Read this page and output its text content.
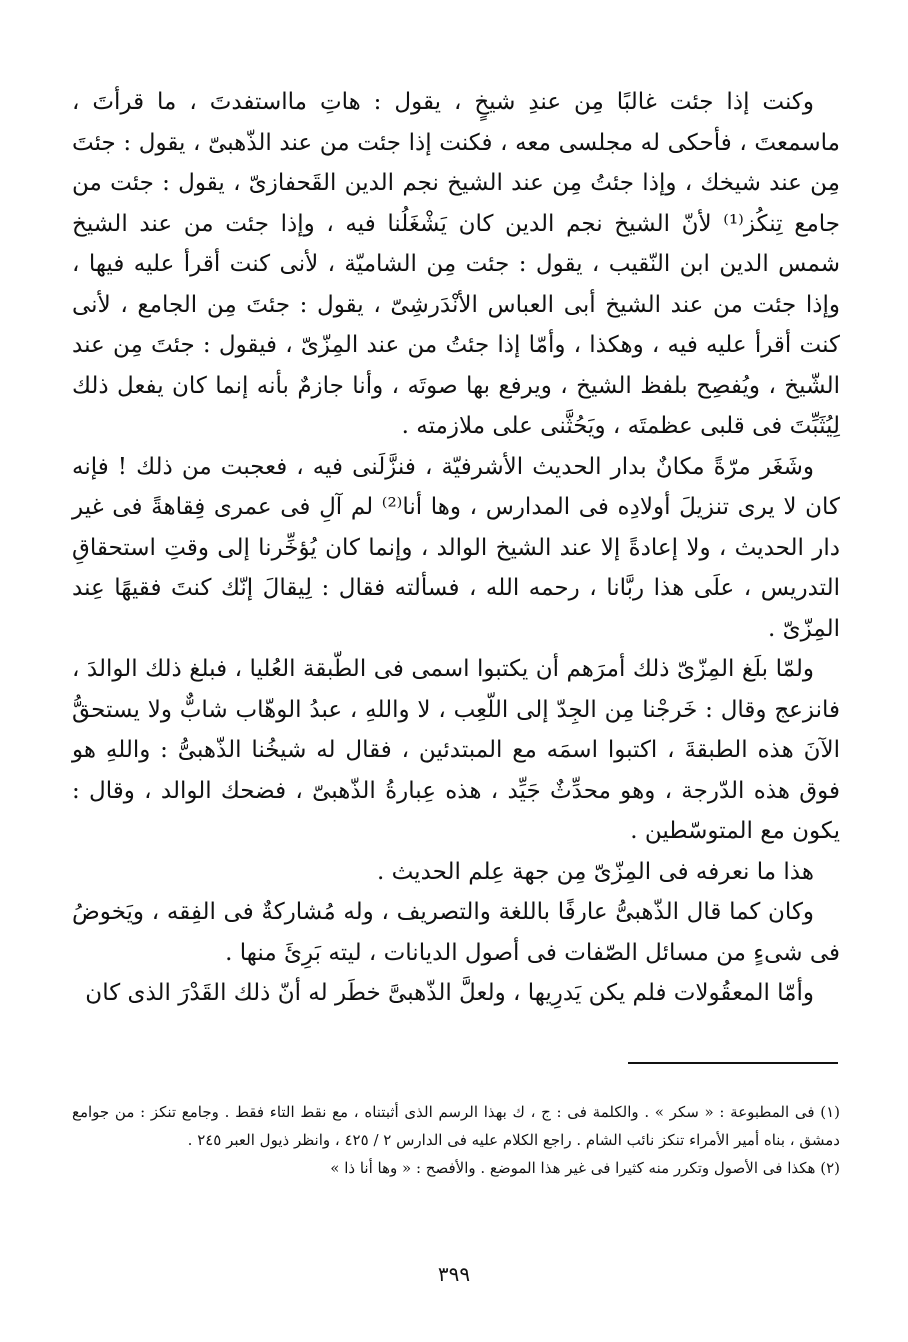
وكنت إذا جئت غالبًا مِن عندِ شيخٍ ، يقول : هاتِ مااستفدتَ ، ما قرأتَ ، ماسمعتَ ، فأحكى له مجلسى معه ، فكنت إذا جئت من عند الذّهبىّ ، يقول : جئتَ مِن عند شيخك ، وإذا جئتُ مِن عند الشيخ نجم الدين القَحفازىّ ، يقول : جئت من جامع تِنكُز⁽¹⁾ لأنّ الشيخ نجم الدين كان يَشْغَلُنا فيه ، وإذا جئت من عند الشيخ شمس الدين ابن النّقيب ، يقول : جئت مِن الشاميّة ، لأنى كنت أقرأ عليه فيها ، وإذا جئت من عند الشيخ أبى العباس الأنْدَرشِىّ ، يقول : جئتَ مِن الجامع ، لأنى كنت أقرأ عليه فيه ، وهكذا ، وأمّا إذا جئتُ من عند المِزّىّ ، فيقول : جئتَ مِن عند الشّيخ ، ويُفصِح بلفظ الشيخ ، ويرفع بها صوتَه ، وأنا جازمٌ بأنه إنما كان يفعل ذلك لِيُثَبِّتَ فى قلبى عظمتَه ، ويَحُثَّنى على ملازمته .

وشَغَر مرّةً مكانٌ بدار الحديث الأشرفيّة ، فنزَّلَنى فيه ، فعجبت من ذلك ! فإنه كان لا يرى تنزيلَ أولادِه فى المدارس ، وها أنا⁽²⁾ لم آلِ فى عمرى فِقاهةً فى غير دار الحديث ، ولا إعادةً إلا عند الشيخ الوالد ، وإنما كان يُؤخِّرنا إلى وقتِ استحقاقِ التدريس ، علَى هذا ربَّانا ، رحمه الله ، فسألته فقال : لِيقالَ إنّك كنتَ فقيهًا عِند المِزّىّ .

ولمّا بلَغ المِزّىّ ذلك أمرَهم أن يكتبوا اسمى فى الطّبقة العُليا ، فبلغ ذلك الوالدَ ، فانزعج وقال : خَرجْنا مِن الجِدّ إلى اللّعِب ، لا واللهِ ، عبدُ الوهّاب شابٌّ ولا يستحقُّ الآنَ هذه الطبقةَ ، اكتبوا اسمَه مع المبتدئين ، فقال له شيخُنا الذّهبىُّ : واللهِ هو فوق هذه الدّرجة ، وهو محدِّثٌ جَيِّد ، هذه عِبارةُ الذّهبىّ ، فضحك الوالد ، وقال : يكون مع المتوسّطين .

هذا ما نعرفه فى المِزّىّ مِن جهة عِلم الحديث .

وكان كما قال الذّهبىُّ عارفًا باللغة والتصريف ، وله مُشاركةٌ فى الفِقه ، ويَخوضُ فى شىءٍ من مسائل الصّفات فى أصول الديانات ، ليته بَرِئَ منها .

وأمّا المعقُولات فلم يكن يَدرِيها ، ولعلَّ الذّهبىَّ خطَر له أنّ ذلك القَدْرَ الذى كان

(١) فى المطبوعة : « سكر » . والكلمة فى : ج ، ك بهذا الرسم الذى أثبتناه ، مع نقط التاء فقط . وجامع تنكز : من جوامع دمشق ، بناه أمير الأمراء تنكز نائب الشام . راجع الكلام عليه فى الدارس ٢ / ٤٢٥ ، وانظر ذيول العبر ٢٤٥ .

(٢) هكذا فى الأصول وتكرر منه كثيرا فى غير هذا الموضع . والأفصح : « وها أنا ذا »

٣٩٩
